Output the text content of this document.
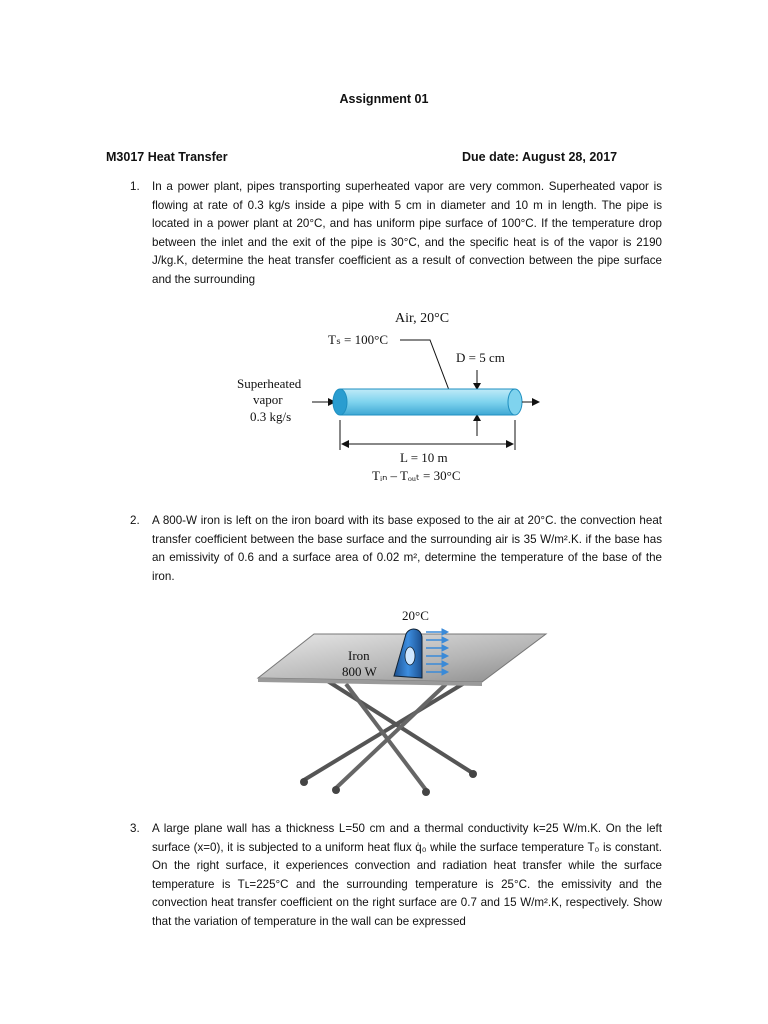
Assignment 01
M3017 Heat Transfer	Due date: August 28, 2017
1. In a power plant, pipes transporting superheated vapor are very common. Superheated vapor is flowing at rate of 0.3 kg/s inside a pipe with 5 cm in diameter and 10 m in length. The pipe is located in a power plant at 20°C, and has uniform pipe surface of 100°C. If the temperature drop between the inlet and the exit of the pipe is 30°C, and the specific heat is of the vapor is 2190 J/kg.K, determine the heat transfer coefficient as a result of convection between the pipe surface and the surrounding
Air, 20°C
Tₛ = 100°C
D = 5 cm
Superheated
vapor
0.3 kg/s
L = 10 m
Tᵢₙ – Tₒᵤₜ = 30°C
2. A 800-W iron is left on the iron board with its base exposed to the air at 20°C. the convection heat transfer coefficient between the base surface and the surrounding air is 35 W/m².K. if the base has an emissivity of 0.6 and a surface area of 0.02 m², determine the temperature of the base of the iron.
20°C
Iron
800 W
3. A large plane wall has a thickness L=50 cm and a thermal conductivity k=25 W/m.K. On the left surface (x=0), it is subjected to a uniform heat flux q̇₀ while the surface temperature T₀ is constant. On the right surface, it experiences convection and radiation heat transfer while the surface temperature is Tʟ=225°C and the surrounding temperature is 25°C. the emissivity and the convection heat transfer coefficient on the right surface are 0.7 and 15 W/m².K, respectively. Show that the variation of temperature in the wall can be expressed
